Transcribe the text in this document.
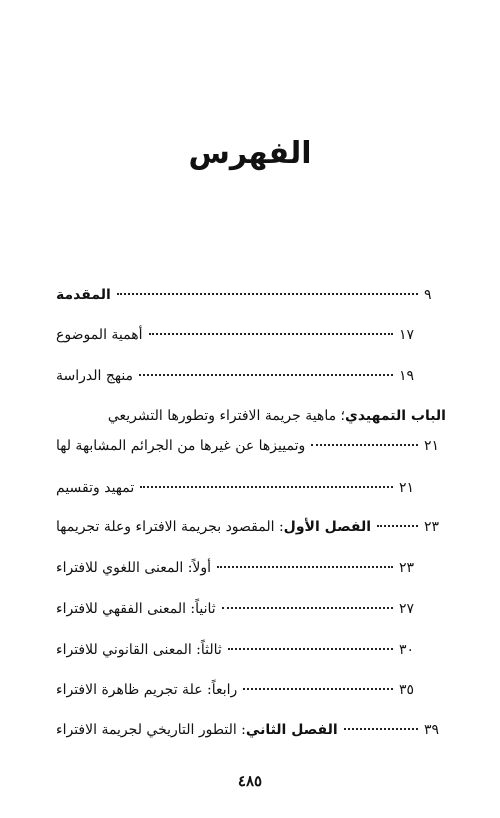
الفهرس
المقدمة	٩
أهمية الموضوع	١٧
منهج الدراسة	١٩
الباب التمهيدي؛ ماهية جريمة الافتراء وتطورها التشريعي
وتمييزها عن غيرها من الجرائم المشابهة لها	٢١
تمهيد وتقسيم	٢١
الفصل الأول: المقصود بجريمة الافتراء وعلة تجريمها	٢٣
أولاً: المعنى اللغوي للافتراء	٢٣
ثانياً: المعنى الفقهي للافتراء	٢٧
ثالثاً: المعنى القانوني للافتراء	٣٠
رابعاً: علة تجريم ظاهرة الافتراء	٣٥
الفصل الثاني: التطور التاريخي لجريمة الافتراء	٣٩
٤٨٥
